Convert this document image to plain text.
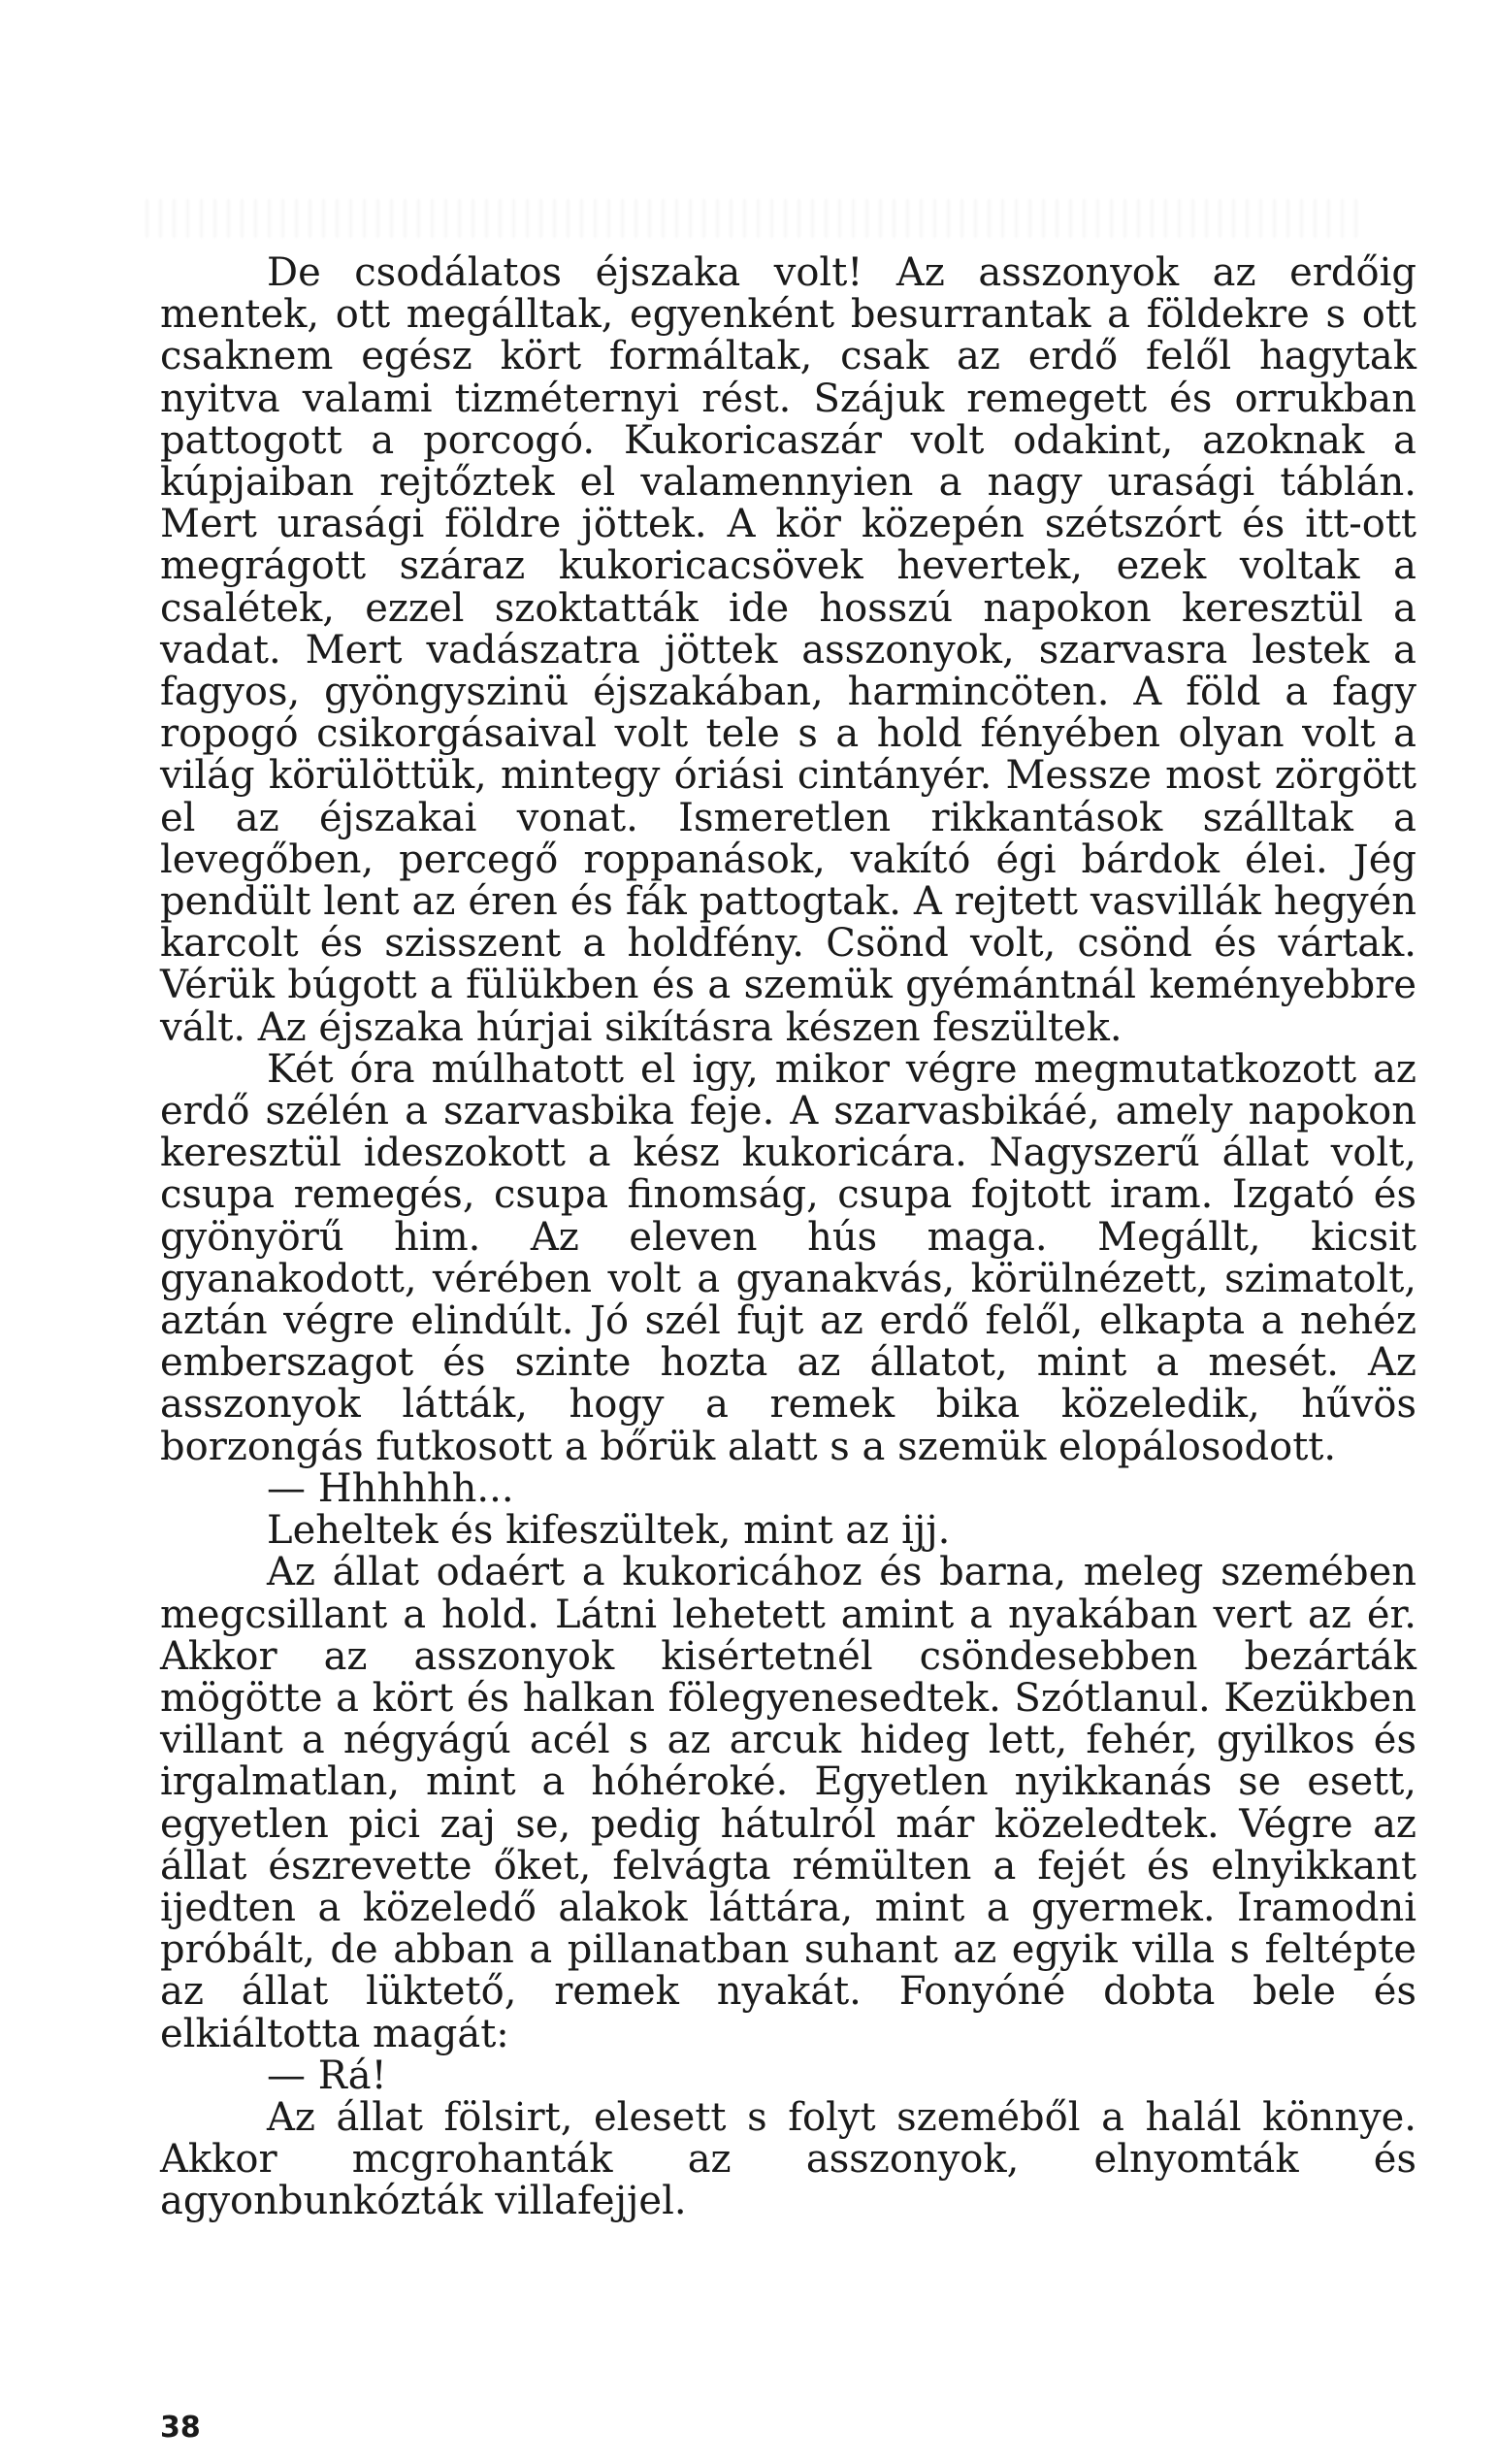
De csodálatos éjszaka volt! Az asszonyok az erdőig mentek, ott megálltak, egyenként besurrantak a földekre s ott csaknem egész kört formáltak, csak az erdő felől hagytak nyitva valami tizméternyi rést. Szájuk remegett és orrukban pattogott a porcogó. Kukoricaszár volt odakint, azoknak a kúpjaiban rejtőztek el valamennyien a nagy urasági táblán. Mert urasági földre jöttek. A kör közepén szétszórt és itt-ott megrágott száraz kukoricacsövek hevertek, ezek voltak a csalétek, ezzel szoktatták ide hosszú napokon keresztül a vadat. Mert vadászatra jöttek asszonyok, szarvasra lestek a fagyos, gyöngyszinü éjszakában, harmincöten. A föld a fagy ropogó csikorgásaival volt tele s a hold fényében olyan volt a világ körülöttük, mintegy óriási cintányér. Messze most zörgött el az éjszakai vonat. Ismeretlen rikkantások szálltak a levegőben, percegő roppanások, vakító égi bárdok élei. Jég pendült lent az éren és fák pattogtak. A rejtett vasvillák hegyén karcolt és szisszent a holdfény. Csönd volt, csönd és vártak. Vérük búgott a fülükben és a szemük gyémántnál keményebbre vált. Az éjszaka húrjai sikításra készen feszültek.

Két óra múlhatott el igy, mikor végre megmutatkozott az erdő szélén a szarvasbika feje. A szarvasbikáé, amely napokon keresztül ideszokott a kész kukoricára. Nagyszerű állat volt, csupa remegés, csupa finomság, csupa fojtott iram. Izgató és gyönyörű him. Az eleven hús maga. Megállt, kicsit gyanakodott, vérében volt a gyanakvás, körülnézett, szimatolt, aztán végre elindúlt. Jó szél fujt az erdő felől, elkapta a nehéz emberszagot és szinte hozta az állatot, mint a mesét. Az asszonyok látták, hogy a remek bika közeledik, hűvös borzongás futkosott a bőrük alatt s a szemük elopálosodott.

— Hhhhhh...

Leheltek és kifeszültek, mint az ijj.

Az állat odaért a kukoricához és barna, meleg szemében megcsillant a hold. Látni lehetett amint a nyakában vert az ér. Akkor az asszonyok kisértetnél csöndesebben bezárták mögötte a kört és halkan fölegyenesedtek. Szótlanul. Kezükben villant a négyágú acél s az arcuk hideg lett, fehér, gyilkos és irgalmatlan, mint a hóhéroké. Egyetlen nyikkanás se esett, egyetlen pici zaj se, pedig hátulról már közeledtek. Végre az állat észrevette őket, felvágta rémülten a fejét és elnyikkant ijedten a közeledő alakok láttára, mint a gyermek. Iramodni próbált, de abban a pillanatban suhant az egyik villa s feltépte az állat lüktető, remek nyakát. Fonyóné dobta bele és elkiáltotta magát:

— Rá!

Az állat fölsirt, elesett s folyt szeméből a halál könnye. Akkor mcgrohanták az asszonyok, elnyomták és agyonbunkózták villafejjel.

38
